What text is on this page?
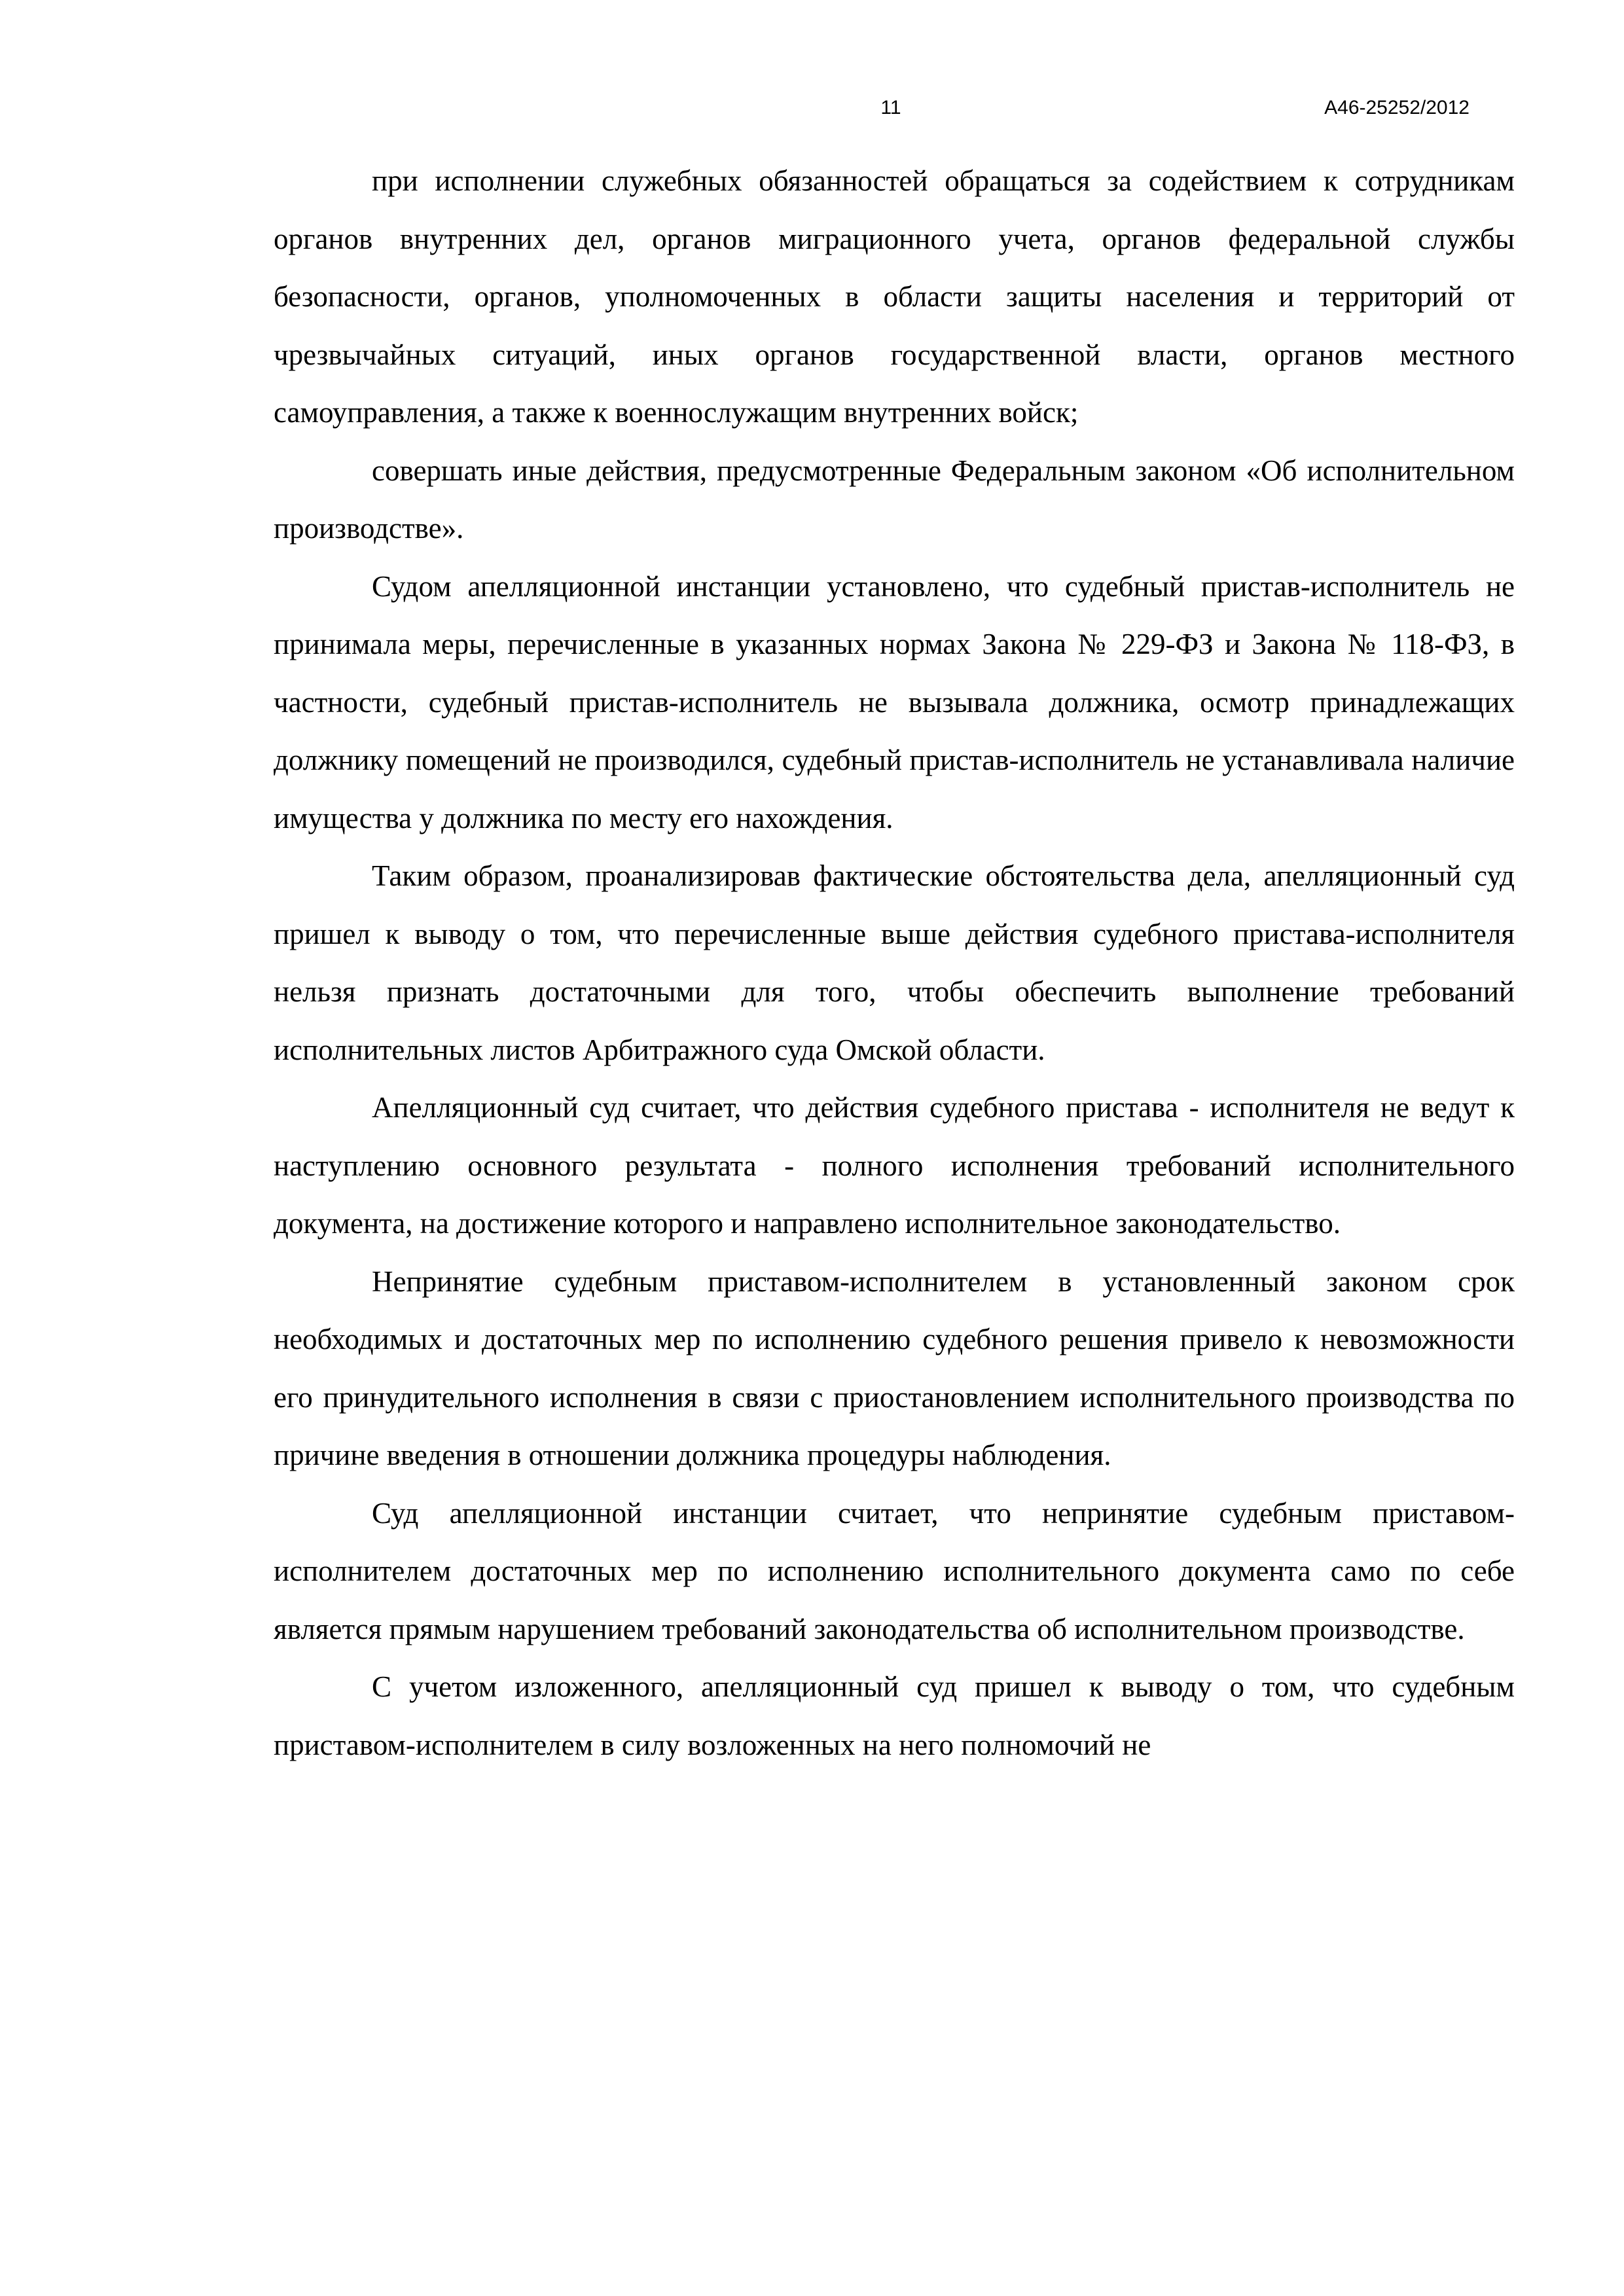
11	А46-25252/2012

при исполнении служебных обязанностей обращаться за содействием к сотрудникам органов внутренних дел, органов миграционного учета, органов федеральной службы безопасности, органов, уполномоченных в области защиты населения и территорий от чрезвычайных ситуаций, иных органов государственной власти, органов местного самоуправления, а также к военнослужащим внутренних войск;

совершать иные действия, предусмотренные Федеральным законом «Об исполнительном производстве».

Судом апелляционной инстанции установлено, что судебный пристав-исполнитель не принимала меры, перечисленные в указанных нормах Закона № 229-ФЗ и Закона № 118-ФЗ, в частности, судебный пристав-исполнитель не вызывала должника, осмотр принадлежащих должнику помещений не производился, судебный пристав-исполнитель не устанавливала наличие имущества у должника по месту его нахождения.

Таким образом, проанализировав фактические обстоятельства дела, апелляционный суд пришел к выводу о том, что перечисленные выше действия судебного пристава-исполнителя нельзя признать достаточными для того, чтобы обеспечить выполнение требований исполнительных листов Арбитражного суда Омской области.

Апелляционный суд считает, что действия судебного пристава - исполнителя не ведут к наступлению основного результата - полного исполнения требований исполнительного документа, на достижение которого и направлено исполнительное законодательство.

Непринятие судебным приставом-исполнителем в установленный законом срок необходимых и достаточных мер по исполнению судебного решения привело к невозможности его принудительного исполнения в связи с приостановлением исполнительного производства по причине введения в отношении должника процедуры наблюдения.

Суд апелляционной инстанции считает, что непринятие судебным приставом-исполнителем достаточных мер по исполнению исполнительного документа само по себе является прямым нарушением требований законодательства об исполнительном производстве.

С учетом изложенного, апелляционный суд пришел к выводу о том, что судебным приставом-исполнителем в силу возложенных на него полномочий не
